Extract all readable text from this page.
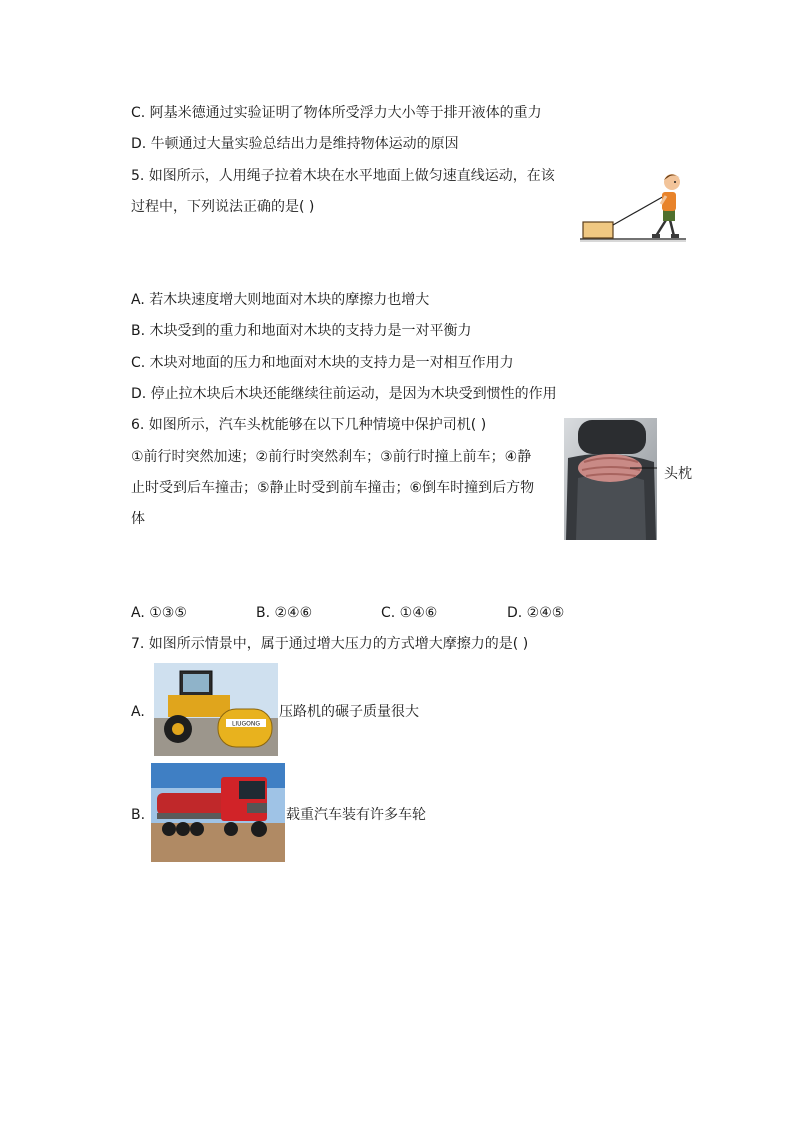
C. 阿基米德通过实验证明了物体所受浮力大小等于排开液体的重力
D. 牛顿通过大量实验总结出力是维持物体运动的原因
5. 如图所示，人用绳子拉着木块在水平地面上做匀速直线运动，在该
过程中，下列说法正确的是( )
A. 若木块速度增大则地面对木块的摩擦力也增大
B. 木块受到的重力和地面对木块的支持力是一对平衡力
C. 木块对地面的压力和地面对木块的支持力是一对相互作用力
D. 停止拉木块后木块还能继续往前运动，是因为木块受到惯性的作用
6. 如图所示，汽车头枕能够在以下几种情境中保护司机( )
①前行时突然加速；②前行时突然刹车；③前行时撞上前车；④静
止时受到后车撞击；⑤静止时受到前车撞击；⑥倒车时撞到后方物
体
头枕
A. ①③⑤	B. ②④⑥	C. ①④⑥	D. ②④⑤
7. 如图所示情景中，属于通过增大压力的方式增大摩擦力的是( )
A.
LIUGONG
压路机的碾子质量很大
B.	载重汽车装有许多车轮
